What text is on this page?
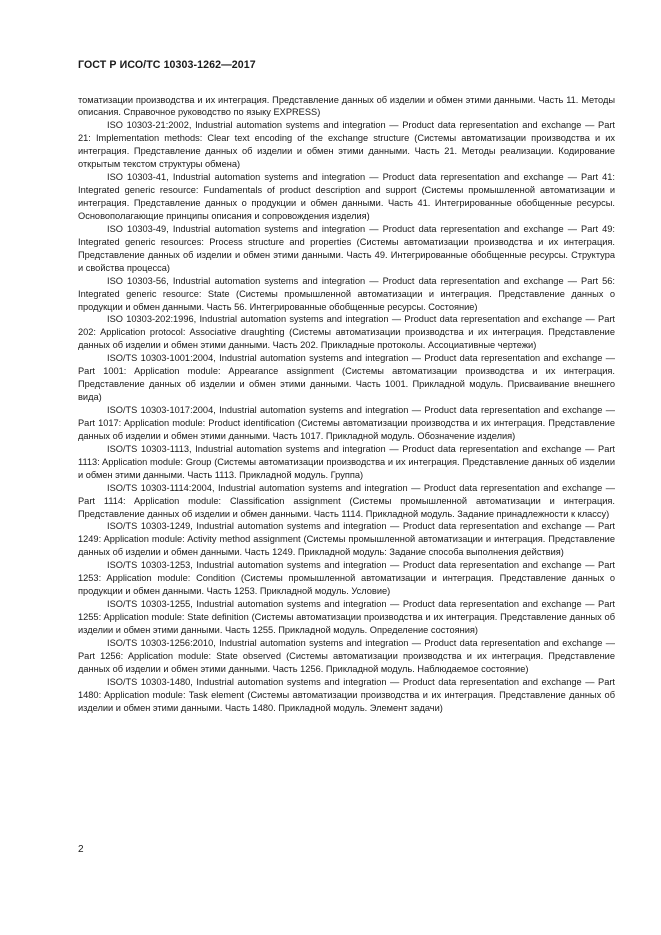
ГОСТ Р ИСО/ТС 10303-1262—2017

томатизации производства и их интеграция. Представление данных об изделии и обмен этими данными. Часть 11. Методы описания. Справочное руководство по языку EXPRESS)

ISO 10303-21:2002, Industrial automation systems and integration — Product data representation and exchange — Part 21: Implementation methods: Clear text encoding of the exchange structure (Системы автоматизации производства и их интеграция. Представление данных об изделии и обмен этими данными. Часть 21. Методы реализации. Кодирование открытым текстом структуры обмена)

ISO 10303-41, Industrial automation systems and integration — Product data representation and exchange — Part 41: Integrated generic resource: Fundamentals of product description and support (Системы промышленной автоматизации и интеграция. Представление данных о продукции и обмен данными. Часть 41. Интегрированные обобщенные ресурсы. Основополагающие принципы описания и сопровождения изделия)

ISO 10303-49, Industrial automation systems and integration — Product data representation and exchange — Part 49: Integrated generic resources: Process structure and properties (Системы автоматизации производства и их интеграция. Представление данных об изделии и обмен этими данными. Часть 49. Интегрированные обобщенные ресурсы. Структура и свойства процесса)

ISO 10303-56, Industrial automation systems and integration — Product data representation and exchange — Part 56: Integrated generic resource: State (Системы промышленной автоматизации и интеграция. Представление данных о продукции и обмен данными. Часть 56. Интегрированные обобщенные ресурсы. Состояние)

ISO 10303-202:1996, Industrial automation systems and integration — Product data representation and exchange — Part 202: Application protocol: Associative draughting (Системы автоматизации производства и их интеграция. Представление данных об изделии и обмен этими данными. Часть 202. Прикладные протоколы. Ассоциативные чертежи)

ISO/TS 10303-1001:2004, Industrial automation systems and integration — Product data representation and exchange — Part 1001: Application module: Appearance assignment (Системы автоматизации производства и их интеграция. Представление данных об изделии и обмен этими данными. Часть 1001. Прикладной модуль. Присваивание внешнего вида)

ISO/TS 10303-1017:2004, Industrial automation systems and integration — Product data representation and exchange — Part 1017: Application module: Product identification (Системы автоматизации производства и их интеграция. Представление данных об изделии и обмен этими данными. Часть 1017. Прикладной модуль. Обозначение изделия)

ISO/TS 10303-1113, Industrial automation systems and integration — Product data representation and exchange — Part 1113: Application module: Group (Системы автоматизации производства и их интеграция. Представление данных об изделии и обмен этими данными. Часть 1113. Прикладной модуль. Группа)

ISO/TS 10303-1114:2004, Industrial automation systems and integration — Product data representation and exchange — Part 1114: Application module: Classification assignment (Системы промышленной автоматизации и интеграция. Представление данных об изделии и обмен данными. Часть 1114. Прикладной модуль. Задание принадлежности к классу)

ISO/TS 10303-1249, Industrial automation systems and integration — Product data representation and exchange — Part 1249: Application module: Activity method assignment (Системы промышленной автоматизации и интеграция. Представление данных об изделии и обмен данными. Часть 1249. Прикладной модуль: Задание способа выполнения действия)

ISO/TS 10303-1253, Industrial automation systems and integration — Product data representation and exchange — Part 1253: Application module: Condition (Системы промышленной автоматизации и интеграция. Представление данных о продукции и обмен данными. Часть 1253. Прикладной модуль. Условие)

ISO/TS 10303-1255, Industrial automation systems and integration — Product data representation and exchange — Part 1255: Application module: State definition (Системы автоматизации производства и их интеграция. Представление данных об изделии и обмен этими данными. Часть 1255. Прикладной модуль. Определение состояния)

ISO/TS 10303-1256:2010, Industrial automation systems and integration — Product data representation and exchange — Part 1256: Application module: State observed (Системы автоматизации производства и их интеграция. Представление данных об изделии и обмен этими данными. Часть 1256. Прикладной модуль. Наблюдаемое состояние)

ISO/TS 10303-1480, Industrial automation systems and integration — Product data representation and exchange — Part 1480: Application module: Task element (Системы автоматизации производства и их интеграция. Представление данных об изделии и обмен этими данными. Часть 1480. Прикладной модуль. Элемент задачи)

2
